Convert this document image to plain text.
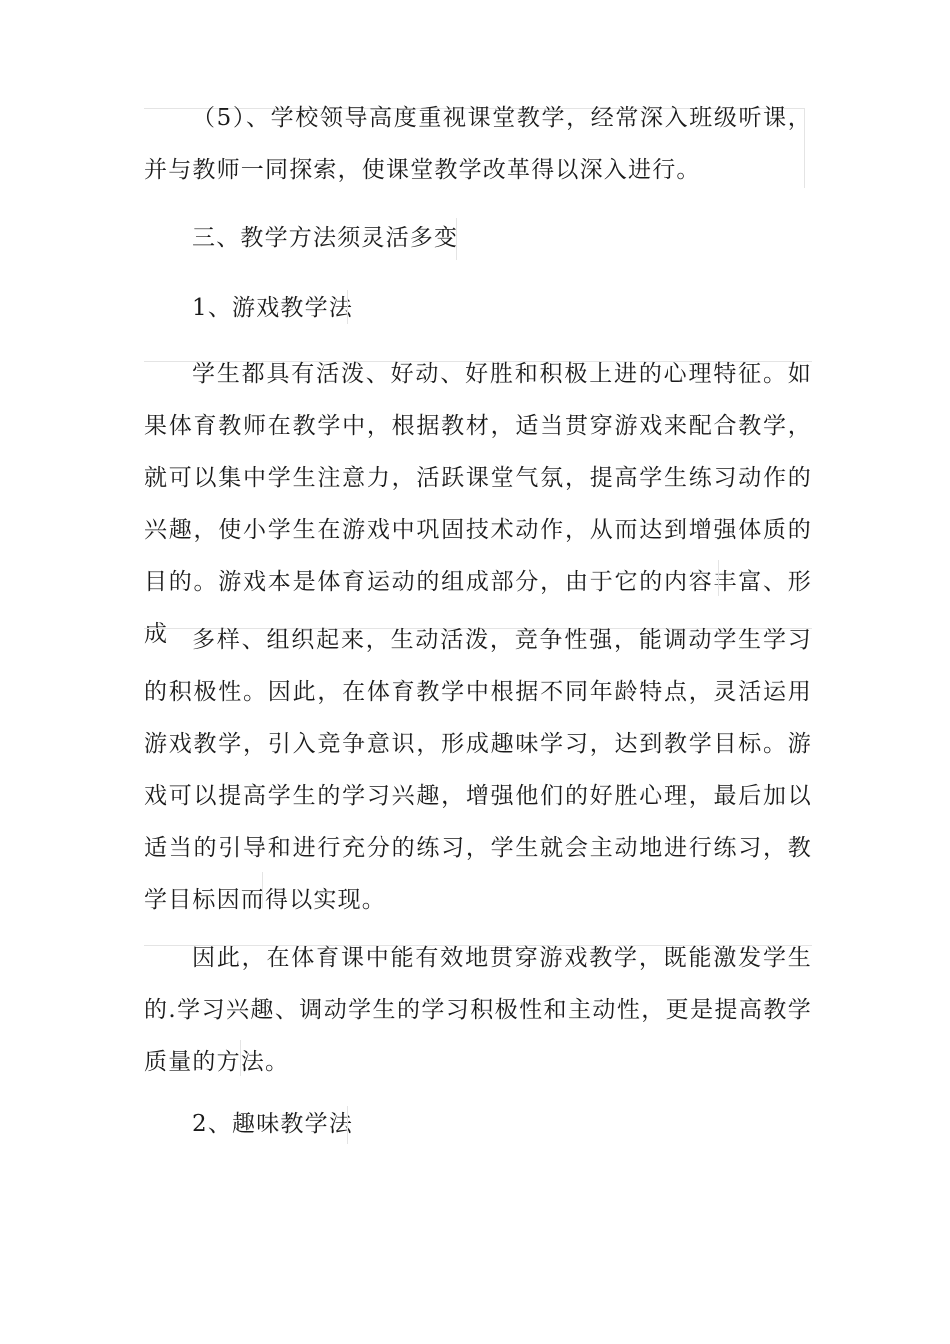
（5）、学校领导高度重视课堂教学，经常深入班级听课，并与教师一同探索，使课堂教学改革得以深入进行。

三、教学方法须灵活多变
1、游戏教学法

学生都具有活泼、好动、好胜和积极上进的心理特征。如果体育教师在教学中，根据教材，适当贯穿游戏来配合教学，就可以集中学生注意力，活跃课堂气氛，提高学生练习动作的兴趣，使小学生在游戏中巩固技术动作，从而达到增强体质的目的。游戏本是体育运动的组成部分，由于它的内容丰富、形成	多样、组织起来，生动活泼，竞争性强，能调动学生学习的积极性。因此，在体育教学中根据不同年龄特点，灵活运用游戏教学，引入竞争意识，形成趣味学习，达到教学目标。游戏可以提高学生的学习兴趣，增强他们的好胜心理，最后加以适当的引导和进行充分的练习，学生就会主动地进行练习，教学目标因而得以实现。

因此，在体育课中能有效地贯穿游戏教学，既能激发学生的.学习兴趣、调动学生的学习积极性和主动性，更是提高教学质量的方法。

2、趣味教学法
